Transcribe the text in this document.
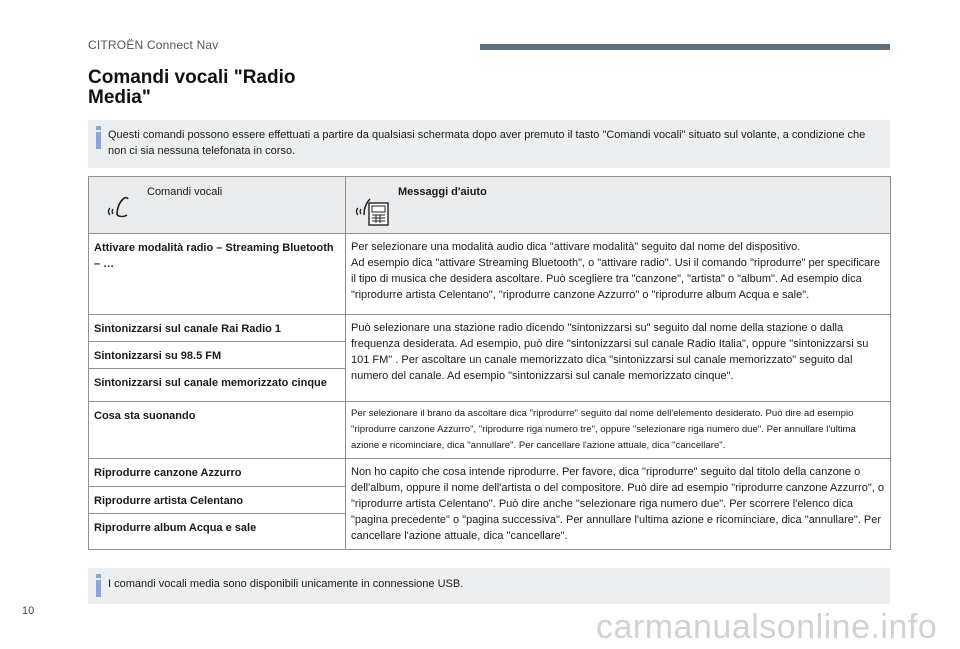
CITROËN Connect Nav
Comandi vocali "Radio Media"
Questi comandi possono essere effettuati a partire da qualsiasi schermata dopo aver premuto il tasto "Comandi vocali" situato sul volante, a condizione che non ci sia nessuna telefonata in corso.
Comandi vocali	Messaggi d'aiuto

Attivare modalità radio – Streaming Bluetooth – …	Per selezionare una modalità audio dica "attivare modalità" seguito dal nome del dispositivo.
Ad esempio dica "attivare Streaming Bluetooth", o "attivare radio". Usi il comando "riprodurre" per specificare il tipo di musica che desidera ascoltare. Può scegliere tra "canzone", "artista" o "album". Ad esempio dica "riprodurre artista Celentano", "riprodurre canzone Azzurro" o "riprodurre album Acqua e sale".

Sintonizzarsi sul canale Rai Radio 1	Può selezionare una stazione radio dicendo "sintonizzarsi su" seguito dal nome della stazione o dalla frequenza desiderata. Ad esempio, può dire "sintonizzarsi sul canale Radio Italia", oppure "sintonizzarsi su 101 FM" . Per ascoltare un canale memorizzato dica "sintonizzarsi sul canale memorizzato" seguito dal numero del canale. Ad esempio "sintonizzarsi sul canale memorizzato cinque".

Sintonizzarsi su 98.5 FM	

Sintonizzarsi sul canale memorizzato cinque	

Cosa sta suonando	Per selezionare il brano da ascoltare dica "riprodurre" seguito dal nome dell'elemento desiderato. Può dire ad esempio "riprodurre canzone Azzurro", "riprodurre riga numero tre", oppure "selezionare riga numero due". Per annullare l'ultima azione e ricominciare, dica "annullare". Per cancellare l'azione attuale, dica "cancellare".

Riprodurre canzone Azzurro	Non ho capito che cosa intende riprodurre. Per favore, dica "riprodurre" seguito dal titolo della canzone o dell'album, oppure il nome dell'artista o del compositore. Può dire ad esempio "riprodurre canzone Azzurro", o "riprodurre artista Celentano". Può dire anche "selezionare riga numero due". Per scorrere l'elenco dica "pagina precedente" o "pagina successiva". Per annullare l'ultima azione e ricominciare, dica "annullare". Per cancellare l'azione attuale, dica "cancellare".

Riprodurre artista Celentano	

Riprodurre album Acqua e sale	
I comandi vocali media sono disponibili unicamente in connessione USB.
10	carmanualsonline.info
